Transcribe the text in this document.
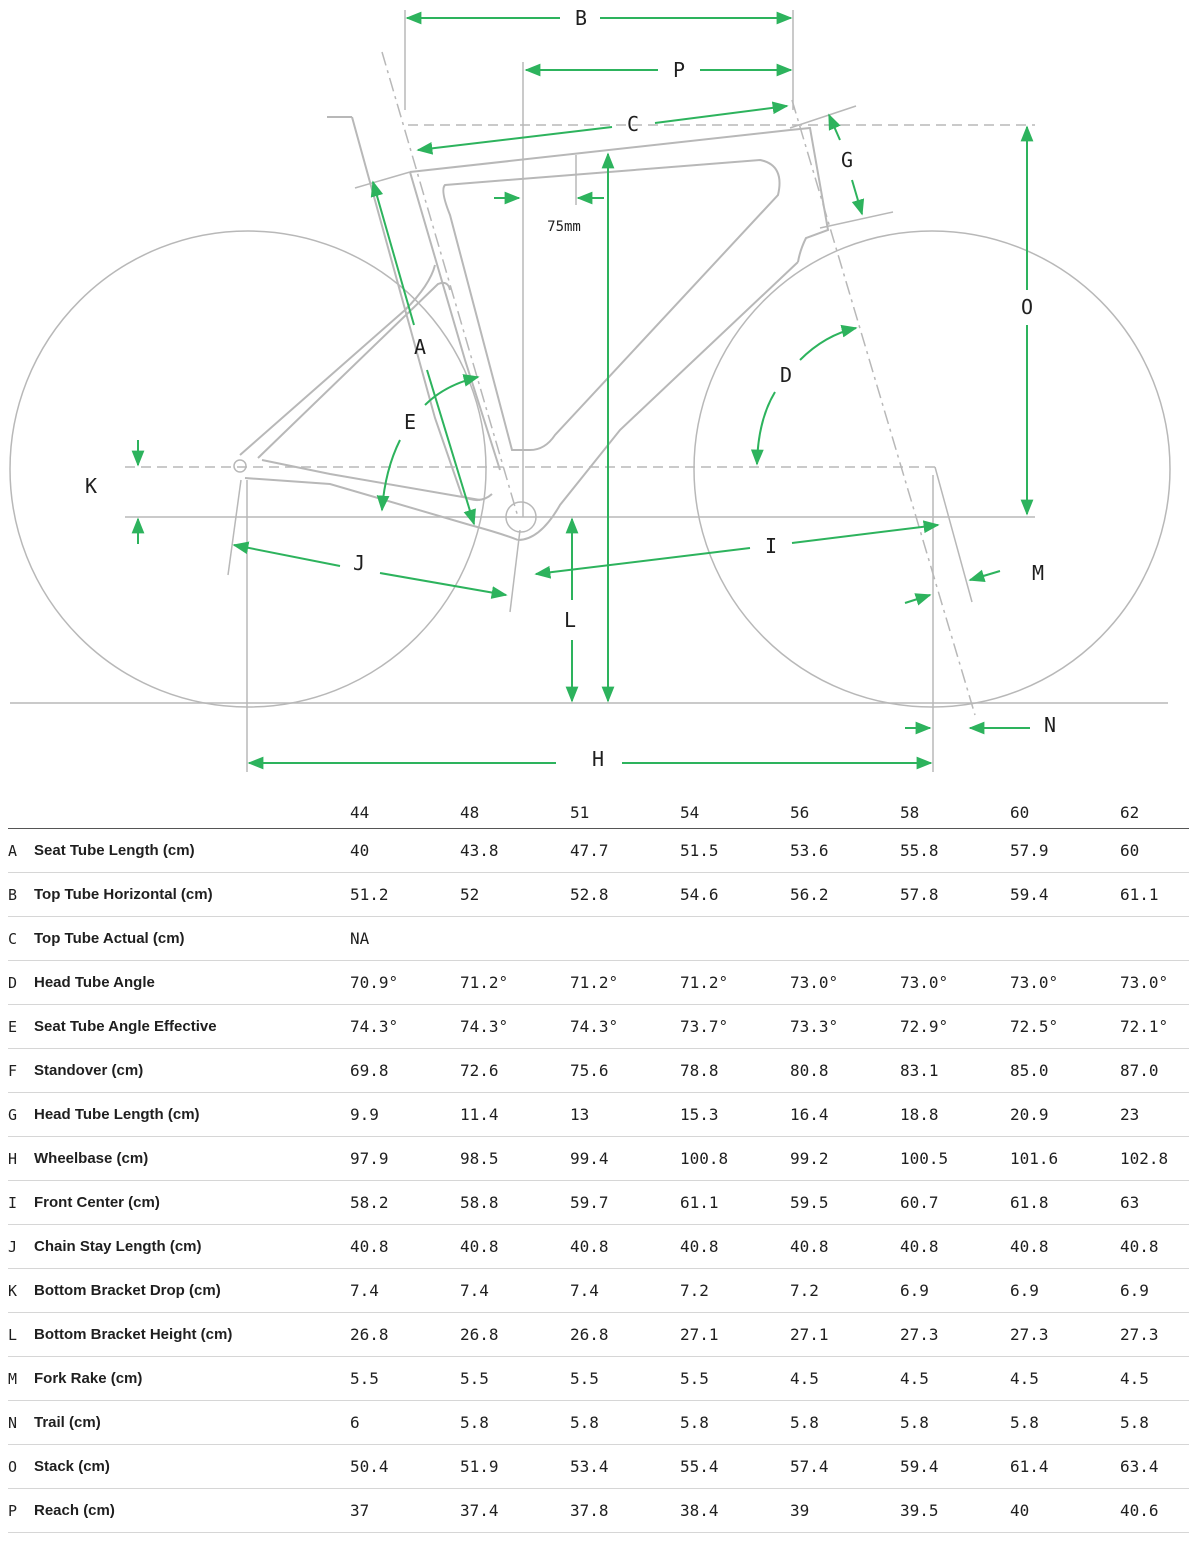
B
P
C
G
75mm
O
A
D
E
K
I
J	M
L
N
H
		44	48	51	54	56	58	60	62
A	Seat Tube Length (cm)	40	43.8	47.7	51.5	53.6	55.8	57.9	60
B	Top Tube Horizontal (cm)	51.2	52	52.8	54.6	56.2	57.8	59.4	61.1
C	Top Tube Actual (cm)	NA							
D	Head Tube Angle	70.9°	71.2°	71.2°	71.2°	73.0°	73.0°	73.0°	73.0°
E	Seat Tube Angle Effective	74.3°	74.3°	74.3°	73.7°	73.3°	72.9°	72.5°	72.1°
F	Standover (cm)	69.8	72.6	75.6	78.8	80.8	83.1	85.0	87.0
G	Head Tube Length (cm)	9.9	11.4	13	15.3	16.4	18.8	20.9	23
H	Wheelbase (cm)	97.9	98.5	99.4	100.8	99.2	100.5	101.6	102.8
I	Front Center (cm)	58.2	58.8	59.7	61.1	59.5	60.7	61.8	63
J	Chain Stay Length (cm)	40.8	40.8	40.8	40.8	40.8	40.8	40.8	40.8
K	Bottom Bracket Drop (cm)	7.4	7.4	7.4	7.2	7.2	6.9	6.9	6.9
L	Bottom Bracket Height (cm)	26.8	26.8	26.8	27.1	27.1	27.3	27.3	27.3
M	Fork Rake (cm)	5.5	5.5	5.5	5.5	4.5	4.5	4.5	4.5
N	Trail (cm)	6	5.8	5.8	5.8	5.8	5.8	5.8	5.8
O	Stack (cm)	50.4	51.9	53.4	55.4	57.4	59.4	61.4	63.4
P	Reach (cm)	37	37.4	37.8	38.4	39	39.5	40	40.6
